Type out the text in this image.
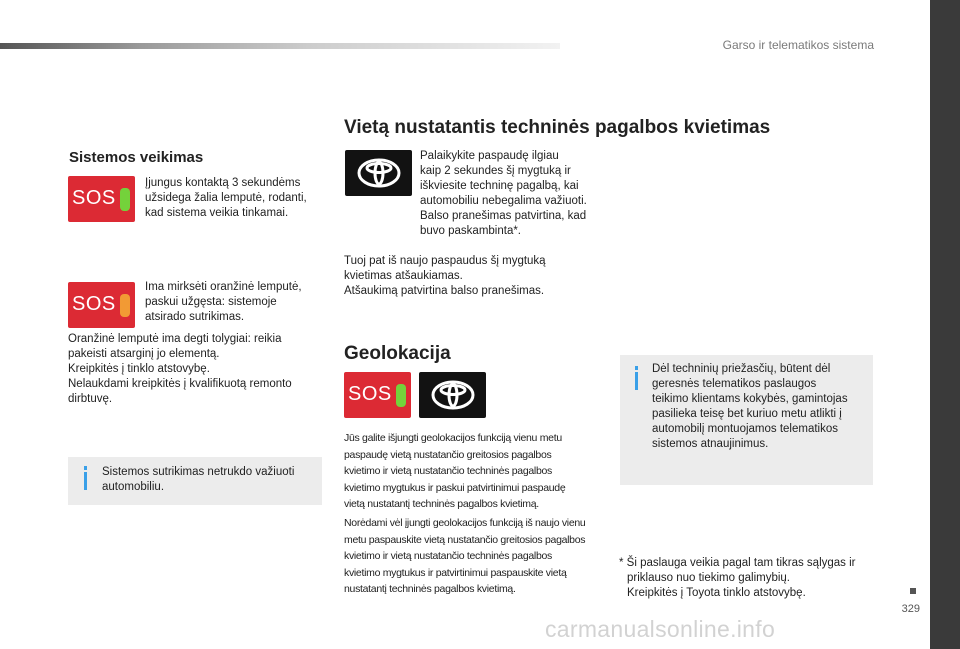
Garso ir telematikos sistema
329
Sistemos veikimas
SOS
Įjungus kontaktą 3 sekundėms
užsidega žalia lemputė, rodanti,
kad sistema veikia tinkamai.
SOS
Ima mirksėti oranžinė lemputė,
paskui užgęsta: sistemoje
atsirado sutrikimas.
Oranžinė lemputė ima degti tolygiai: reikia
pakeisti atsarginį jo elementą.
Kreipkitės į tinklo atstovybę.
Nelaukdami kreipkitės į kvalifikuotą remonto
dirbtuvę.
Sistemos sutrikimas netrukdo važiuoti
automobiliu.
Vietą nustatantis techninės pagalbos kvietimas
Palaikykite paspaudę ilgiau
kaip 2 sekundes šį mygtuką ir
iškviesite techninę pagalbą, kai
automobiliu nebegalima važiuoti.
Balso pranešimas patvirtina, kad
buvo paskambinta*.
Tuoj pat iš naujo paspaudus šį mygtuką
kvietimas atšaukiamas.
Atšaukimą patvirtina balso pranešimas.
Geolokacija
SOS
Jūs galite išjungti geolokacijos funkciją vienu metu
paspaudę vietą nustatančio greitosios pagalbos
kvietimo ir vietą nustatančio techninės pagalbos
kvietimo mygtukus ir paskui patvirtinimui paspaudę
vietą nustatantį techninės pagalbos kvietimą.
Norėdami vėl įjungti geolokacijos funkciją iš naujo vienu
metu paspauskite vietą nustatančio greitosios pagalbos
kvietimo ir vietą nustatančio techninės pagalbos
kvietimo mygtukus ir patvirtinimui paspauskite vietą
nustatantį techninės pagalbos kvietimą.
Dėl techninių priežasčių, būtent dėl
geresnės telematikos paslaugos
teikimo klientams kokybės, gamintojas
pasilieka teisę bet kuriuo metu atlikti į
automobilį montuojamos telematikos
sistemos atnaujinimus.
* Ši paslauga veikia pagal tam tikras sąlygas ir
priklauso nuo tiekimo galimybių.
Kreipkitės į Toyota tinklo atstovybę.
carmanualsonline.info
